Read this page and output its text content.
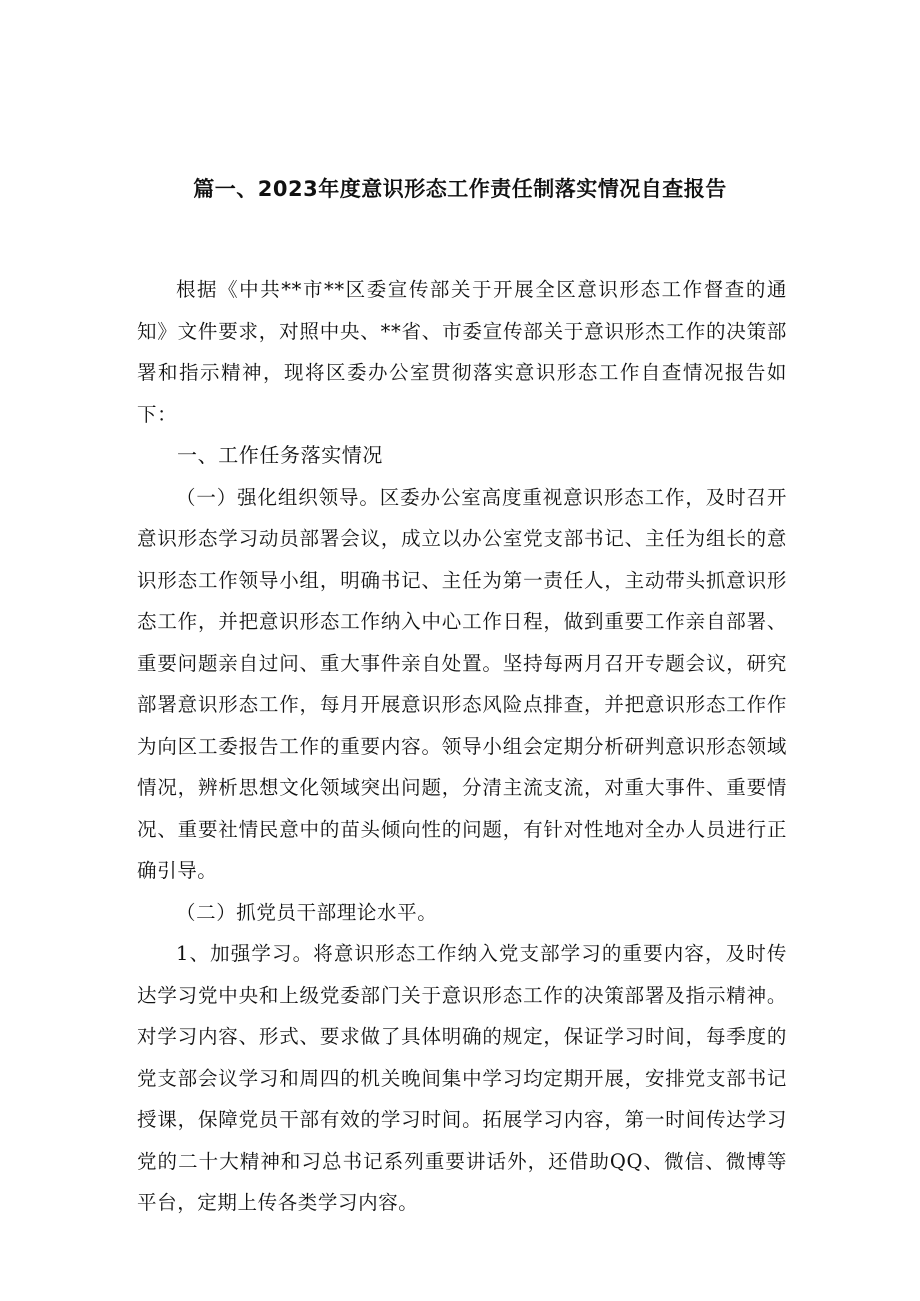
篇一、2023年度意识形态工作责任制落实情况自查报告

根据《中共**市**区委宣传部关于开展全区意识形态工作督查的通知》文件要求，对照中央、**省、市委宣传部关于意识形杰工作的决策部署和指示精神，现将区委办公室贯彻落实意识形态工作自查情况报告如下：

一、工作任务落实情况

（一）强化组织领导。区委办公室高度重视意识形态工作，及时召开意识形态学习动员部署会议，成立以办公室党支部书记、主任为组长的意识形态工作领导小组，明确书记、主任为第一责任人，主动带头抓意识形态工作，并把意识形态工作纳入中心工作日程，做到重要工作亲自部署、重要问题亲自过问、重大事件亲自处置。坚持每两月召开专题会议，研究部署意识形态工作，每月开展意识形态风险点排查，并把意识形态工作作为向区工委报告工作的重要内容。领导小组会定期分析研判意识形态领域情况，辨析思想文化领域突出问题，分清主流支流，对重大事件、重要情况、重要社情民意中的苗头倾向性的问题，有针对性地对全办人员进行正确引导。

（二）抓党员干部理论水平。

1、加强学习。将意识形态工作纳入党支部学习的重要内容，及时传达学习党中央和上级党委部门关于意识形态工作的决策部署及指示精神。对学习内容、形式、要求做了具体明确的规定，保证学习时间，每季度的党支部会议学习和周四的机关晚间集中学习均定期开展，安排党支部书记授课，保障党员干部有效的学习时间。拓展学习内容，第一时间传达学习党的二十大精神和习总书记系列重要讲话外，还借助QQ、微信、微博等平台，定期上传各类学习内容。
